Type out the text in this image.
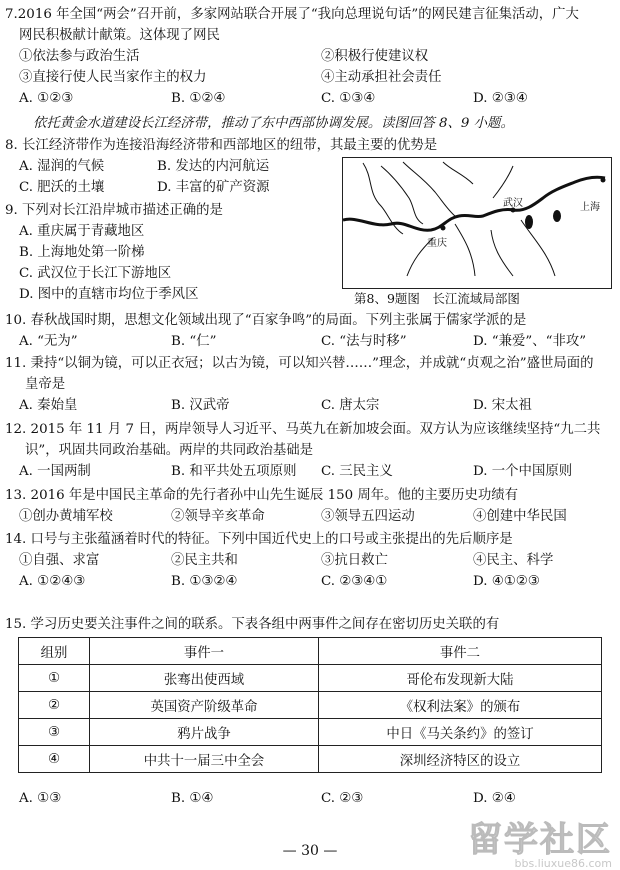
7.2016 年全国“两会”召开前，多家网站联合开展了“我向总理说句话”的网民建言征集活动，广大
网民积极献计献策。这体现了网民
①依法参与政治生活	②积极行使建议权
③直接行使人民当家作主的权力	④主动承担社会责任
A. ①②③	B. ①②④	C. ①③④	D. ②③④
依托黄金水道建设长江经济带，推动了东中西部协调发展。读图回答 8、9 小题。
8. 长江经济带作为连接沿海经济带和西部地区的纽带，其最主要的优势是
A. 湿润的气候	B. 发达的内河航运
C. 肥沃的土壤	D. 丰富的矿产资源
9. 下列对长江沿岸城市描述正确的是
A. 重庆属于青藏地区
B. 上海地处第一阶梯
C. 武汉位于长江下游地区
D. 图中的直辖市均位于季风区
武汉	上海
重庆
第8、9题图　长江流域局部图
10. 春秋战国时期，思想文化领域出现了“百家争鸣”的局面。下列主张属于儒家学派的是
A. “无为”	B. “仁”	C. “法与时移”	D. “兼爱”、“非攻”
11. 秉持“以铜为镜，可以正衣冠；以古为镜，可以知兴替……”理念，并成就“贞观之治”盛世局面的
皇帝是
A. 秦始皇	B. 汉武帝	C. 唐太宗	D. 宋太祖
12. 2015 年 11 月 7 日，两岸领导人习近平、马英九在新加坡会面。双方认为应该继续坚持“九二共
识”，巩固共同政治基础。两岸的共同政治基础是
A. 一国两制	B. 和平共处五项原则	C. 三民主义	D. 一个中国原则
13. 2016 年是中国民主革命的先行者孙中山先生诞辰 150 周年。他的主要历史功绩有
①创办黄埔军校	②领导辛亥革命	③领导五四运动	④创建中华民国
14. 口号与主张蕴涵着时代的特征。下列中国近代史上的口号或主张提出的先后顺序是
①自强、求富	②民主共和	③抗日救亡	④民主、科学
A. ①②④③	B. ①③②④	C. ②③④①	D. ④①②③
15. 学习历史要关注事件之间的联系。下表各组中两事件之间存在密切历史关联的有
组别	事件一	事件二
①	张骞出使西域	哥伦布发现新大陆
②	英国资产阶级革命	《权利法案》的颁布
③	鸦片战争	中日《马关条约》的签订
④	中共十一届三中全会	深圳经济特区的设立
A. ①③	B. ①④	C. ②③	D. ②④
— 30 —	留学社区
bbs.liuxue86.com
